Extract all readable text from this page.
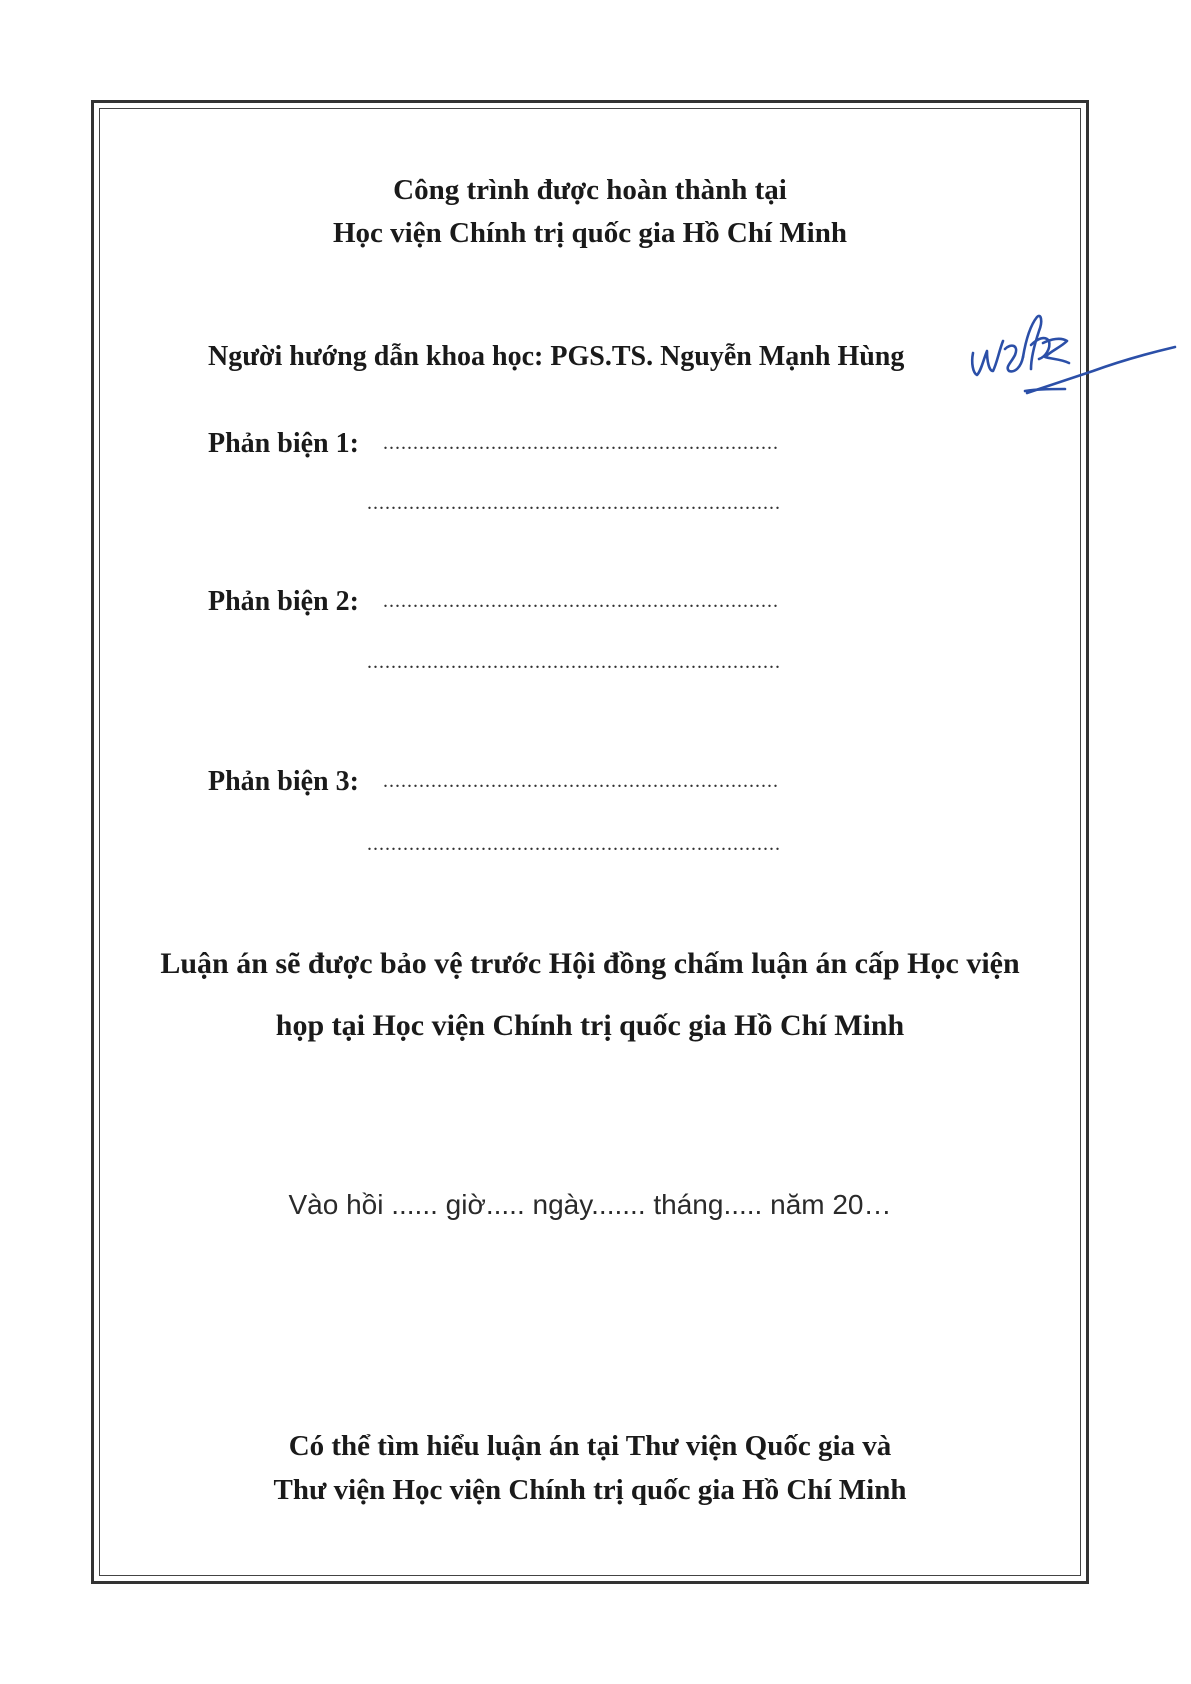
Công trình được hoàn thành tại
Học viện Chính trị quốc gia Hồ Chí Minh
Người hướng dẫn khoa học: PGS.TS. Nguyễn Mạnh Hùng
Phản biện 1: ..................................................................
.....................................................................
Phản biện 2: ..................................................................
.....................................................................
Phản biện 3: ..................................................................
.....................................................................
Luận án sẽ được bảo vệ trước Hội đồng chấm luận án cấp Học viện
họp tại Học viện Chính trị quốc gia Hồ Chí Minh
Vào hồi ...... giờ..... ngày....... tháng..... năm 20…
Có thể tìm hiểu luận án tại Thư viện Quốc gia và
Thư viện Học viện Chính trị quốc gia Hồ Chí Minh
